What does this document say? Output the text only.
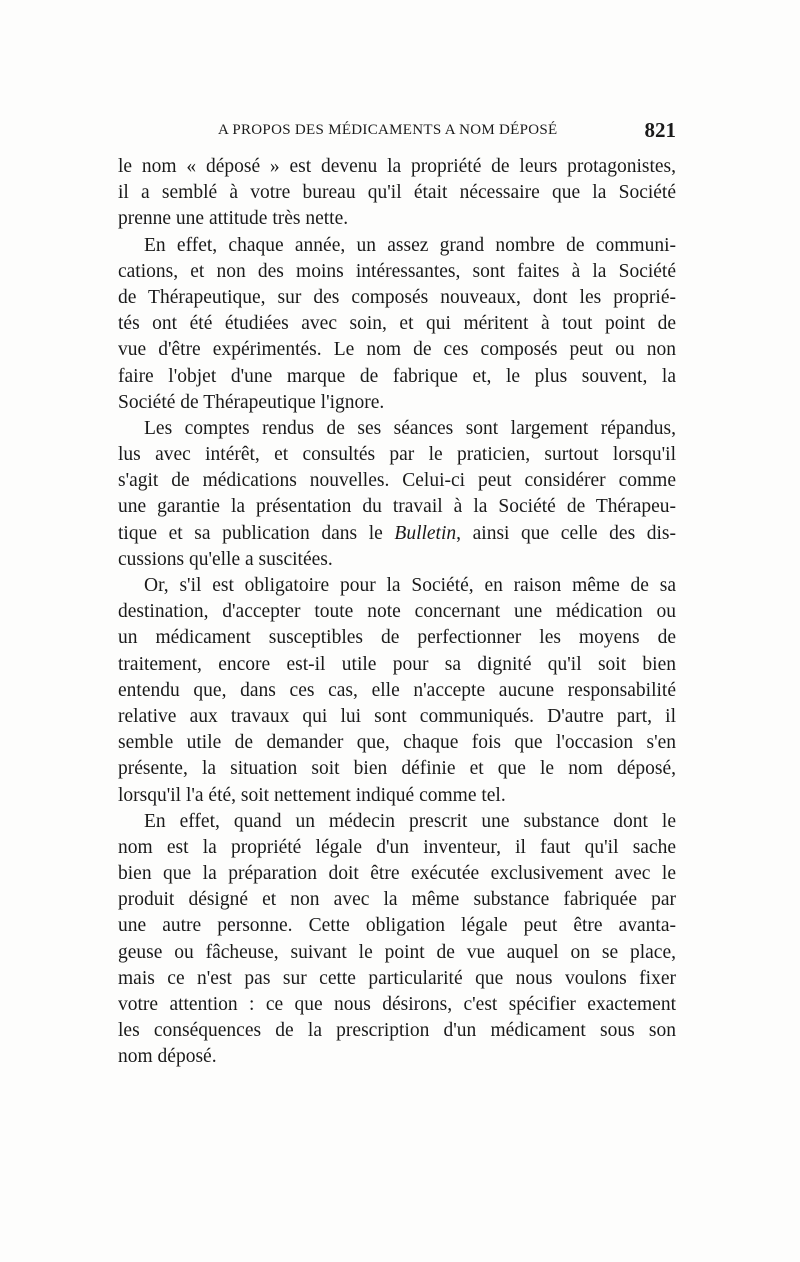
A PROPOS DES MÉDICAMENTS A NOM DÉPOSÉ	821
le nom « déposé » est devenu la propriété de leurs protagonistes,
il a semblé à votre bureau qu'il était nécessaire que la Société
prenne une attitude très nette.
En effet, chaque année, un assez grand nombre de communi-
cations, et non des moins intéressantes, sont faites à la Société
de Thérapeutique, sur des composés nouveaux, dont les proprié-
tés ont été étudiées avec soin, et qui méritent à tout point de
vue d'être expérimentés. Le nom de ces composés peut ou non
faire l'objet d'une marque de fabrique et, le plus souvent, la
Société de Thérapeutique l'ignore.
Les comptes rendus de ses séances sont largement répandus,
lus avec intérêt, et consultés par le praticien, surtout lorsqu'il
s'agit de médications nouvelles. Celui-ci peut considérer comme
une garantie la présentation du travail à la Société de Thérapeu-
tique et sa publication dans le Bulletin, ainsi que celle des dis-
cussions qu'elle a suscitées.
Or, s'il est obligatoire pour la Société, en raison même de sa
destination, d'accepter toute note concernant une médication ou
un médicament susceptibles de perfectionner les moyens de
traitement, encore est-il utile pour sa dignité qu'il soit bien
entendu que, dans ces cas, elle n'accepte aucune responsabilité
relative aux travaux qui lui sont communiqués. D'autre part, il
semble utile de demander que, chaque fois que l'occasion s'en
présente, la situation soit bien définie et que le nom déposé,
lorsqu'il l'a été, soit nettement indiqué comme tel.
En effet, quand un médecin prescrit une substance dont le
nom est la propriété légale d'un inventeur, il faut qu'il sache
bien que la préparation doit être exécutée exclusivement avec le
produit désigné et non avec la même substance fabriquée par
une autre personne. Cette obligation légale peut être avanta-
geuse ou fâcheuse, suivant le point de vue auquel on se place,
mais ce n'est pas sur cette particularité que nous voulons fixer
votre attention : ce que nous désirons, c'est spécifier exactement
les conséquences de la prescription d'un médicament sous son
nom déposé.
